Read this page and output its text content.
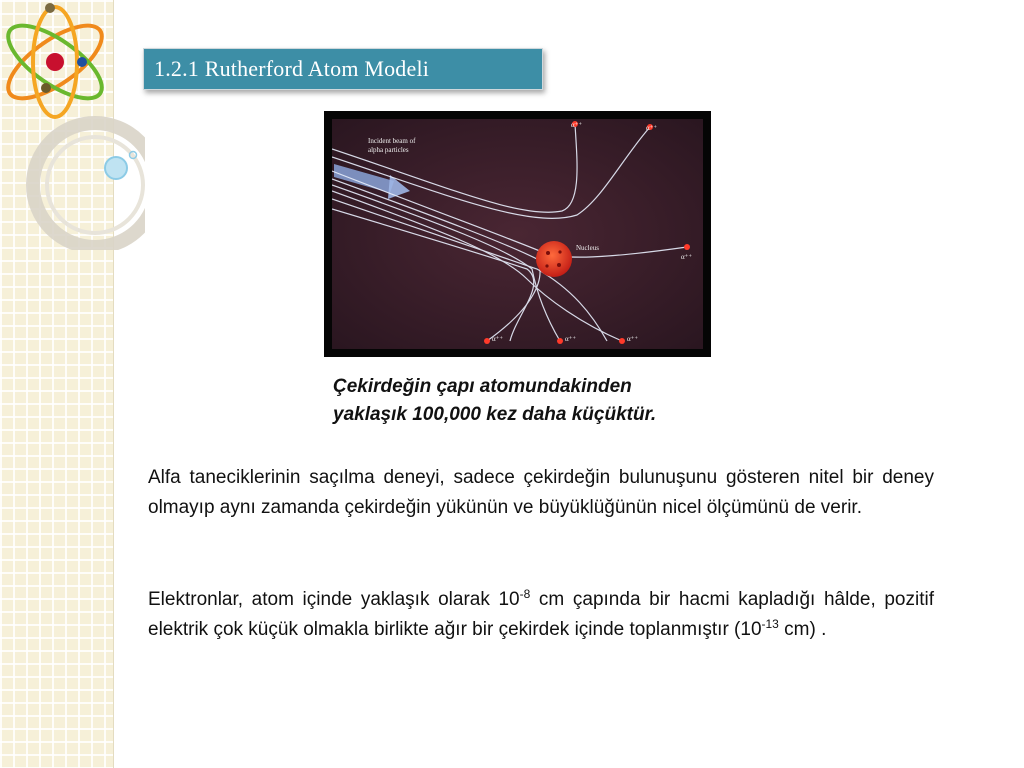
1.2.1 Rutherford Atom Modeli
Incident beam of
alpha particles
Nucleus
α⁺⁺	α⁺⁺
α⁺⁺
α⁺⁺	α⁺⁺	α⁺⁺
Çekirdeğin çapı atomundakinden
yaklaşık 100,000 kez daha küçüktür.
Alfa taneciklerinin saçılma deneyi, sadece çekirdeğin bulunuşunu gösteren nitel bir deney olmayıp aynı zamanda çekirdeğin yükünün ve büyüklüğünün nicel ölçümünü de verir.
Elektronlar, atom içinde yaklaşık olarak $10^{-8}$ cm çapında bir hacmi kapladığı hâlde, pozitif elektrik çok küçük olmakla birlikte ağır bir çekirdek içinde toplanmıştır ($10^{-13}$ cm) .
